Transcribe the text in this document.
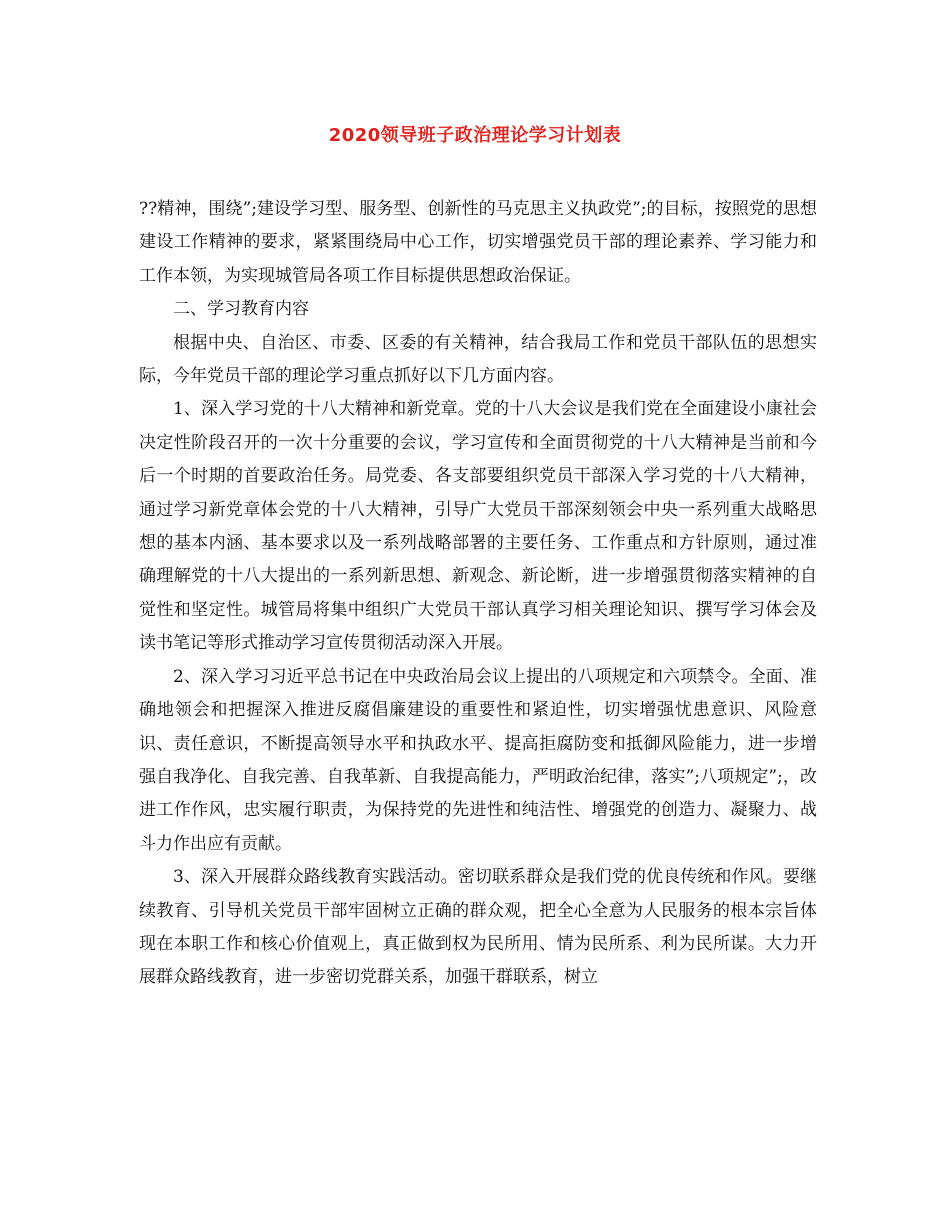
2020领导班子政治理论学习计划表

??精神，围绕”;建设学习型、服务型、创新性的马克思主义执政党”;的目标，按照党的思想建设工作精神的要求，紧紧围绕局中心工作，切实增强党员干部的理论素养、学习能力和工作本领，为实现城管局各项工作目标提供思想政治保证。

二、学习教育内容

根据中央、自治区、市委、区委的有关精神，结合我局工作和党员干部队伍的思想实际，今年党员干部的理论学习重点抓好以下几方面内容。

1、深入学习党的十八大精神和新党章。党的十八大会议是我们党在全面建设小康社会决定性阶段召开的一次十分重要的会议，学习宣传和全面贯彻党的十八大精神是当前和今后一个时期的首要政治任务。局党委、各支部要组织党员干部深入学习党的十八大精神，通过学习新党章体会党的十八大精神，引导广大党员干部深刻领会中央一系列重大战略思想的基本内涵、基本要求以及一系列战略部署的主要任务、工作重点和方针原则，通过准确理解党的十八大提出的一系列新思想、新观念、新论断，进一步增强贯彻落实精神的自觉性和坚定性。城管局将集中组织广大党员干部认真学习相关理论知识、撰写学习体会及读书笔记等形式推动学习宣传贯彻活动深入开展。

2、深入学习习近平总书记在中央政治局会议上提出的八项规定和六项禁令。全面、准确地领会和把握深入推进反腐倡廉建设的重要性和紧迫性，切实增强忧患意识、风险意识、责任意识，不断提高领导水平和执政水平、提高拒腐防变和抵御风险能力，进一步增强自我净化、自我完善、自我革新、自我提高能力，严明政治纪律，落实”;八项规定”;，改进工作作风，忠实履行职责，为保持党的先进性和纯洁性、增强党的创造力、凝聚力、战斗力作出应有贡献。

3、深入开展群众路线教育实践活动。密切联系群众是我们党的优良传统和作风。要继续教育、引导机关党员干部牢固树立正确的群众观，把全心全意为人民服务的根本宗旨体现在本职工作和核心价值观上，真正做到权为民所用、情为民所系、利为民所谋。大力开展群众路线教育，进一步密切党群关系，加强干群联系，树立
